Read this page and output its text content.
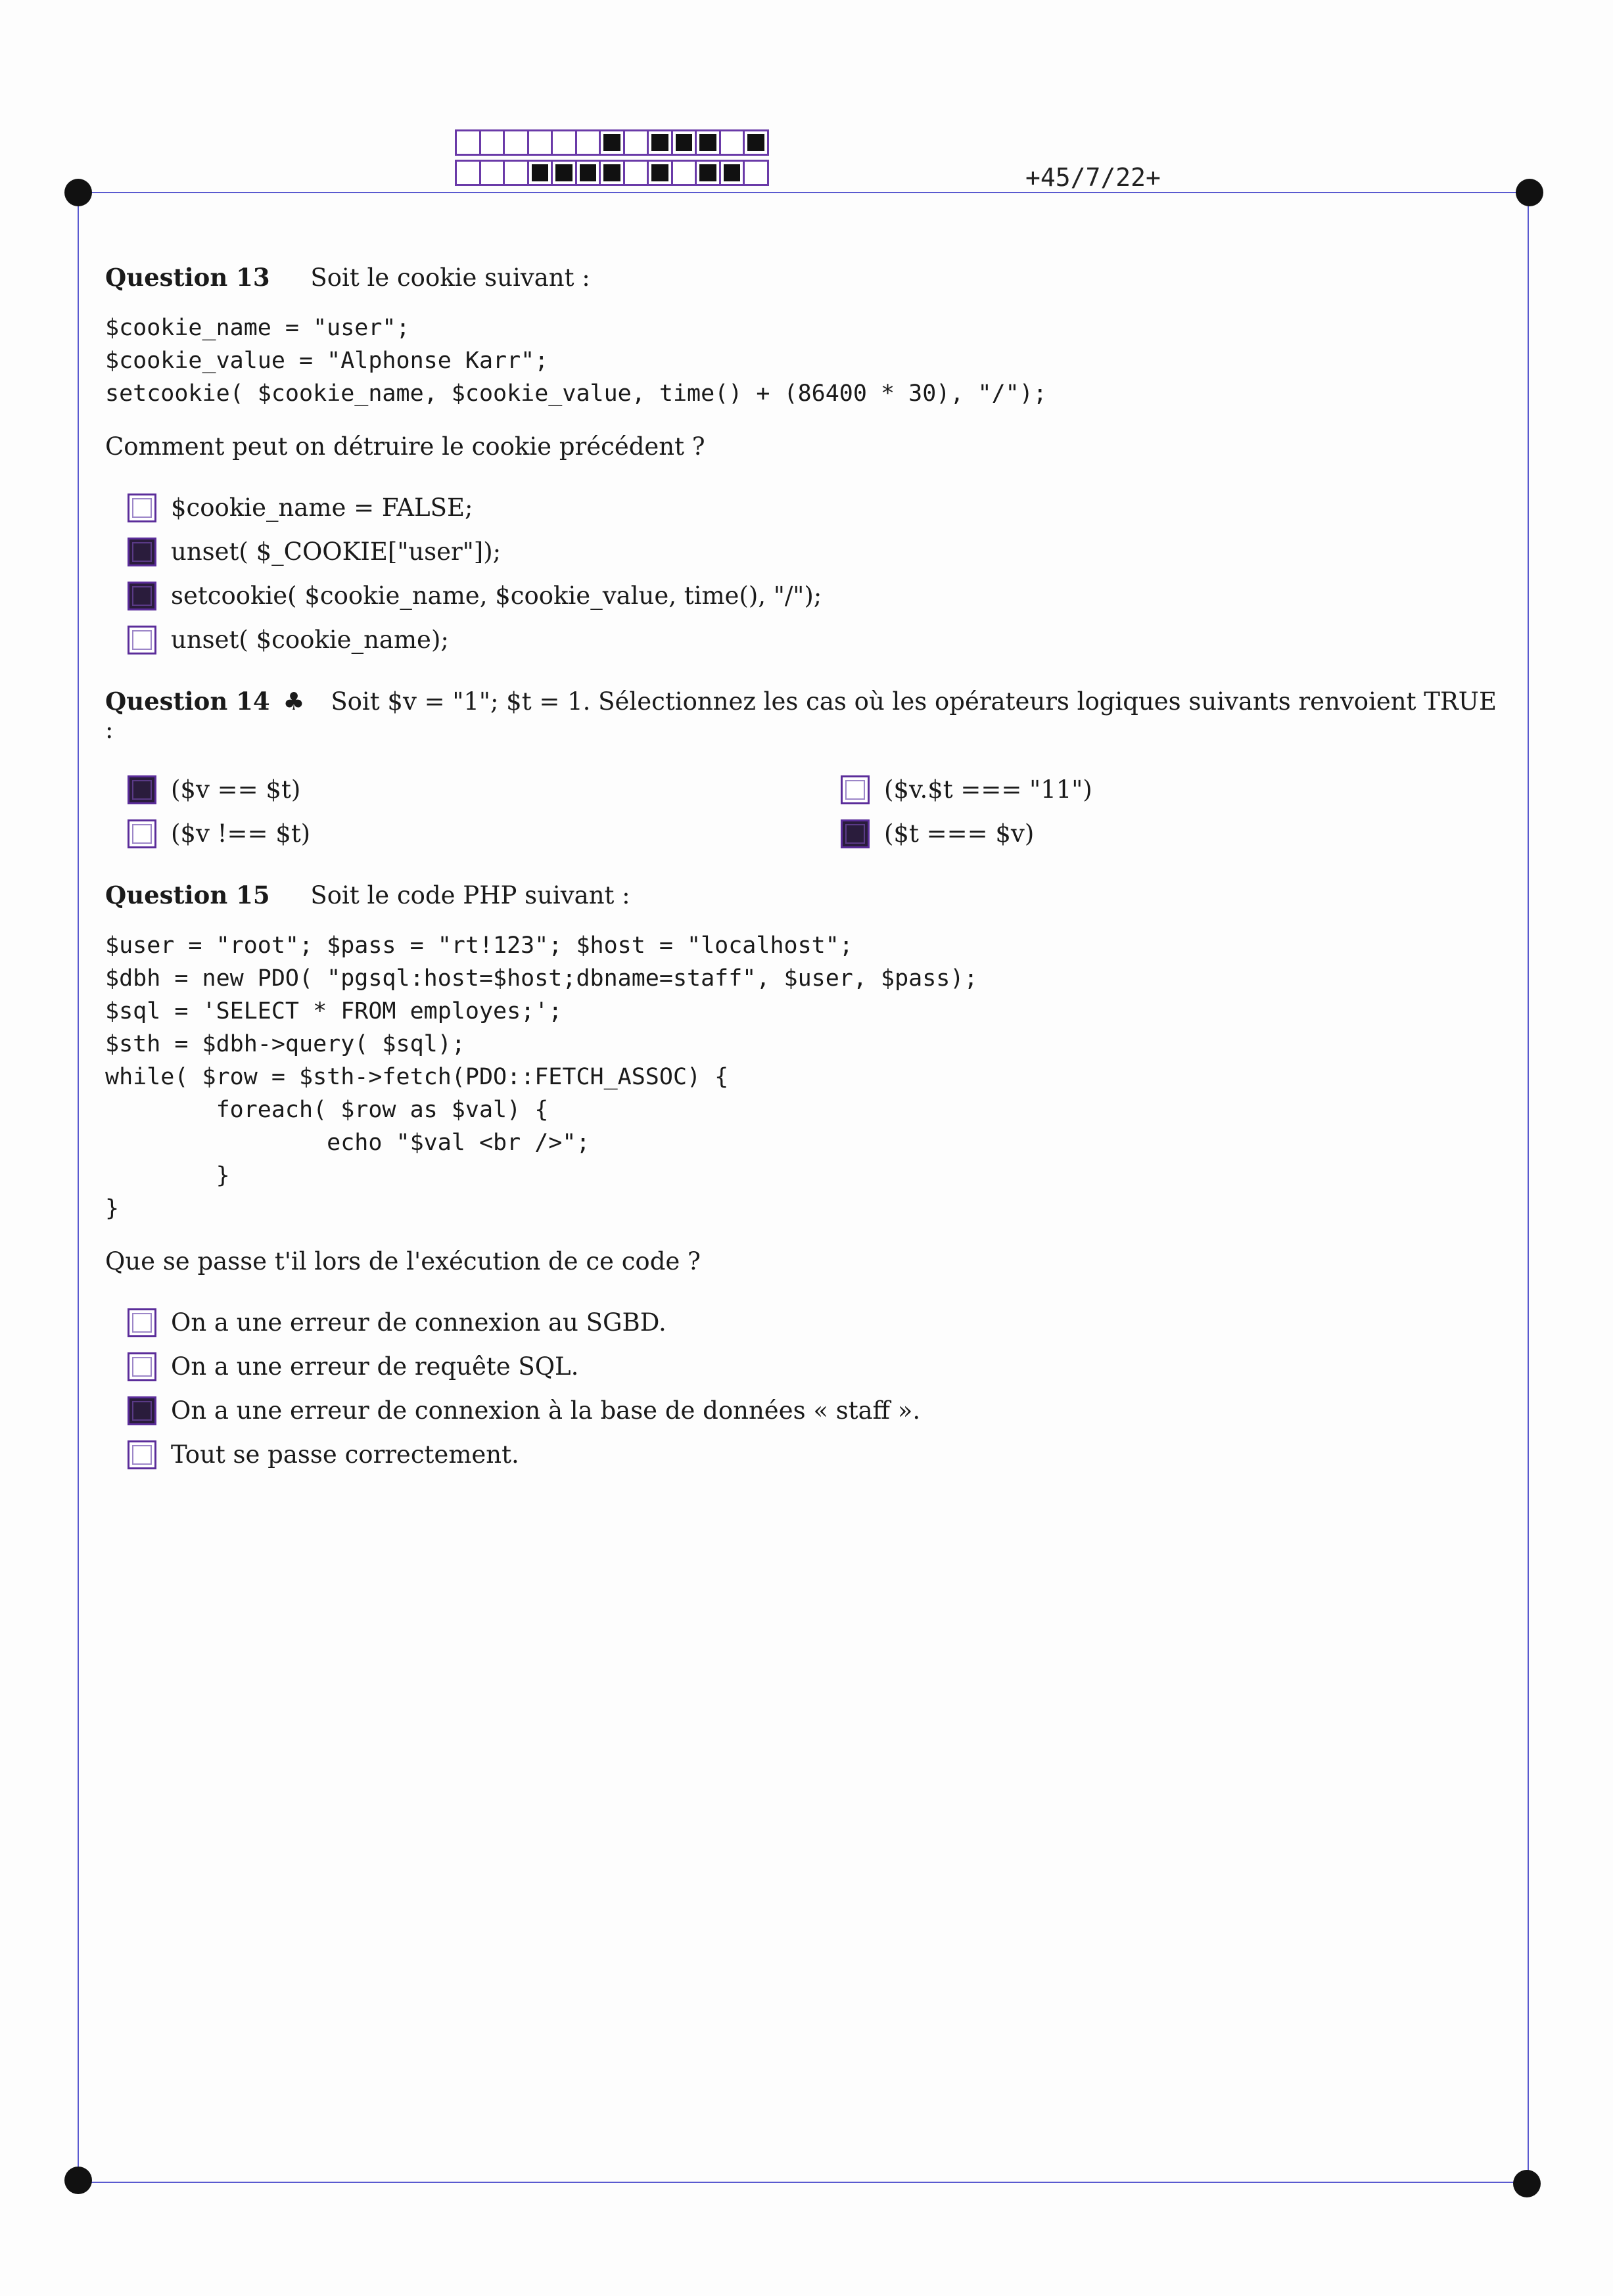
+45/7/22+
Question 13 Soit le cookie suivant :
$cookie_name = "user";
$cookie_value = "Alphonse Karr";
setcookie( $cookie_name, $cookie_value, time() + (86400 * 30), "/");
Comment peut on détruire le cookie précédent ?
$cookie_name = FALSE;
unset( $_COOKIE["user"]);
setcookie( $cookie_name, $cookie_value, time(), "/");
unset( $cookie_name);
Question 14 ♣ Soit $v = "1"; $t = 1. Sélectionnez les cas où les opérateurs logiques suivants renvoient TRUE :
($v == $t)	($v.$t === "11")
($v !== $t)	($t === $v)
Question 15 Soit le code PHP suivant :
$user = "root"; $pass = "rt!123"; $host = "localhost";
$dbh = new PDO( "pgsql:host=$host;dbname=staff", $user, $pass);
$sql = 'SELECT * FROM employes;';
$sth = $dbh->query( $sql);
while( $row = $sth->fetch(PDO::FETCH_ASSOC) {
foreach( $row as $val) {
echo "$val <br />";
}
}
Que se passe t'il lors de l'exécution de ce code ?
On a une erreur de connexion au SGBD.
On a une erreur de requête SQL.
On a une erreur de connexion à la base de données « staff ».
Tout se passe correctement.
